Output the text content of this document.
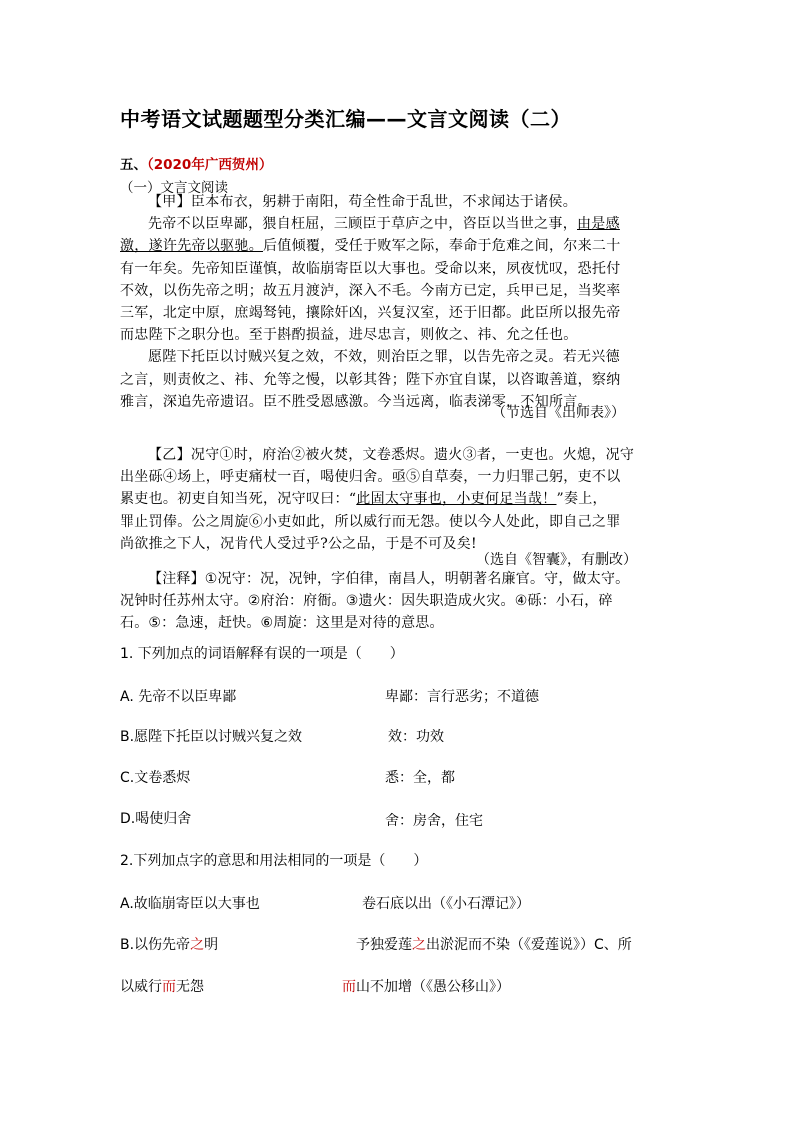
中考语文试题题型分类汇编——文言文阅读（二）
五、（2020年广西贺州）
（一）文言文阅读
【甲】臣本布衣，躬耕于南阳，苟全性命于乱世，不求闻达于诸侯。
先帝不以臣卑鄙，猥自枉屈，三顾臣于草庐之中，咨臣以当世之事，由是感
激，遂许先帝以驱驰。后值倾覆，受任于败军之际，奉命于危难之间，尔来二十
有一年矣。先帝知臣谨慎，故临崩寄臣以大事也。受命以来，夙夜忧叹，恐托付
不效，以伤先帝之明；故五月渡泸，深入不毛。今南方已定，兵甲已足，当奖率
三军，北定中原，庶竭驽钝，攘除奸凶，兴复汉室，还于旧都。此臣所以报先帝
而忠陛下之职分也。至于斟酌损益，进尽忠言，则攸之、祎、允之任也。
愿陛下托臣以讨贼兴复之效，不效，则治臣之罪，以告先帝之灵。若无兴德
之言，则责攸之、祎、允等之慢，以彰其咎；陛下亦宜自谋，以咨诹善道，察纳
雅言，深追先帝遗诏。臣不胜受恩感激。今当远离，临表涕零，不知所言。
（节选自《出师表》）
【乙】况守①时，府治②被火焚，文卷悉烬。遗火③者，一吏也。火熄，况守
出坐砾④场上，呼吏痛杖一百，喝使归舍。亟⑤自草奏，一力归罪己躬，吏不以
累吏也。初吏自知当死，况守叹曰：“此固太守事也，小吏何足当哉！”奏上，
罪止罚俸。公之周旋⑥小吏如此，所以威行而无怨。使以今人处此，即自己之罪
尚欲推之下人，况肯代人受过乎?公之品，于是不可及矣!
（选自《智囊》，有删改）
【注释】①况守：况，况钟，字伯律，南昌人，明朝著名廉官。守，做太守。
况钟时任苏州太守。②府治：府衙。③遗火：因失职造成火灾。④砾：小石，碎
石。⑤：急速，赶快。⑥周旋：这里是对待的意思。
1. 下列加点的词语解释有误的一项是（　　）
A. 先帝不以臣卑鄙	卑鄙：言行恶劣；不道德
B.愿陛下托臣以讨贼兴复之效	效：功效
C.文卷悉烬	悉：全，都
D.喝使归舍	舍：房舍，住宅
2.下列加点字的意思和用法相同的一项是（　　）
A.故临崩寄臣以大事也	卷石底以出（《小石潭记》）
B.以伤先帝之明	予独爱莲之出淤泥而不染（《爱莲说》）C、所
以威行而无怨	而山不加增（《愚公移山》）
